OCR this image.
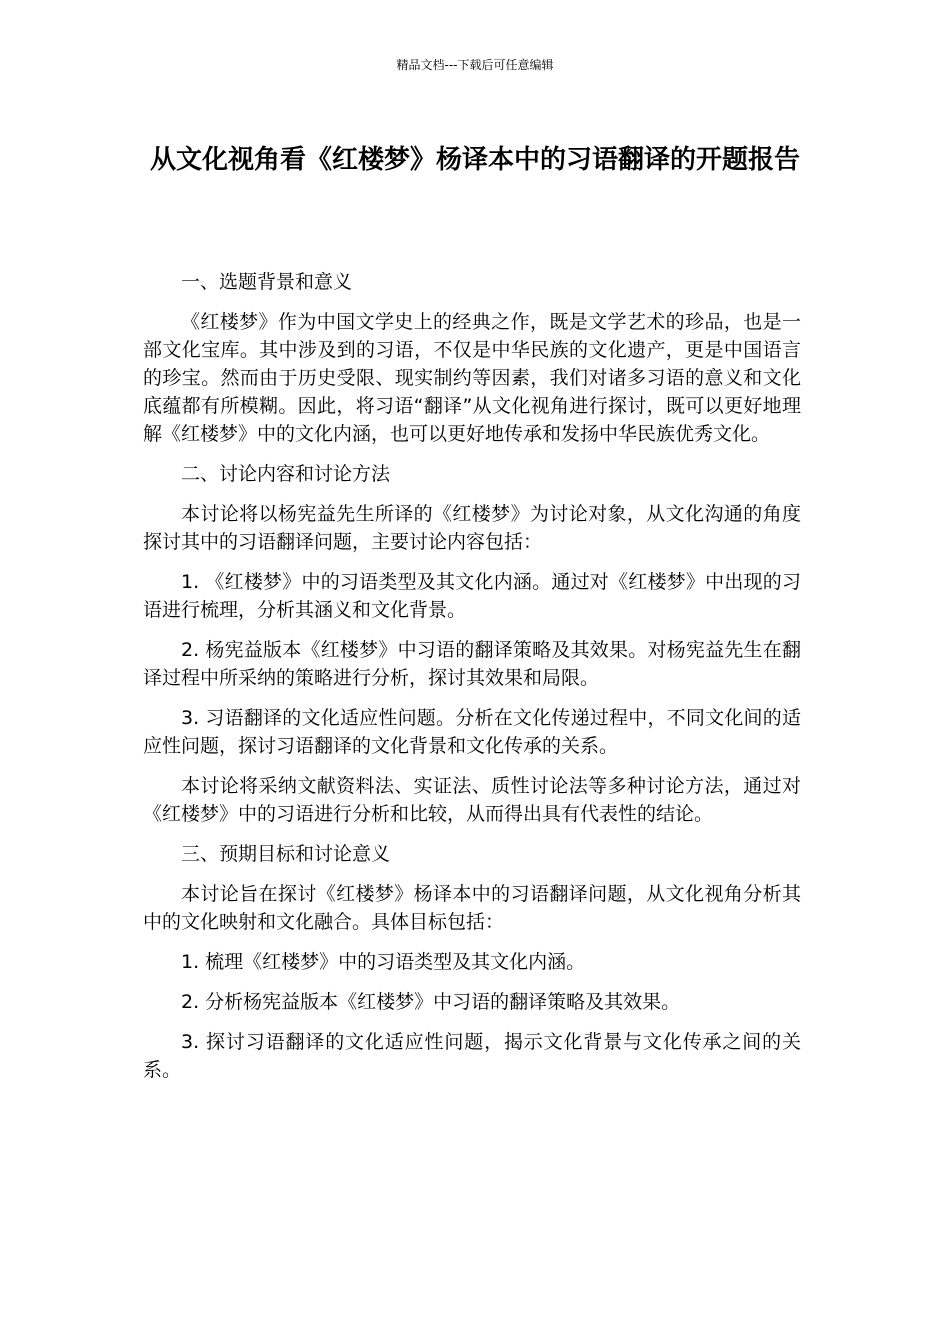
精品文档---下载后可任意编辑
从文化视角看《红楼梦》杨译本中的习语翻译的开题报告

一、选题背景和意义

《红楼梦》作为中国文学史上的经典之作，既是文学艺术的珍品，也是一部文化宝库。其中涉及到的习语，不仅是中华民族的文化遗产，更是中国语言的珍宝。然而由于历史受限、现实制约等因素，我们对诸多习语的意义和文化底蕴都有所模糊。因此，将习语“翻译”从文化视角进行探讨，既可以更好地理解《红楼梦》中的文化内涵，也可以更好地传承和发扬中华民族优秀文化。

二、讨论内容和讨论方法

本讨论将以杨宪益先生所译的《红楼梦》为讨论对象，从文化沟通的角度探讨其中的习语翻译问题，主要讨论内容包括：

1. 《红楼梦》中的习语类型及其文化内涵。通过对《红楼梦》中出现的习语进行梳理，分析其涵义和文化背景。

2. 杨宪益版本《红楼梦》中习语的翻译策略及其效果。对杨宪益先生在翻译过程中所采纳的策略进行分析，探讨其效果和局限。

3. 习语翻译的文化适应性问题。分析在文化传递过程中，不同文化间的适应性问题，探讨习语翻译的文化背景和文化传承的关系。

本讨论将采纳文献资料法、实证法、质性讨论法等多种讨论方法，通过对《红楼梦》中的习语进行分析和比较，从而得出具有代表性的结论。

三、预期目标和讨论意义

本讨论旨在探讨《红楼梦》杨译本中的习语翻译问题，从文化视角分析其中的文化映射和文化融合。具体目标包括：

1. 梳理《红楼梦》中的习语类型及其文化内涵。

2. 分析杨宪益版本《红楼梦》中习语的翻译策略及其效果。

3. 探讨习语翻译的文化适应性问题，揭示文化背景与文化传承之间的关系。
